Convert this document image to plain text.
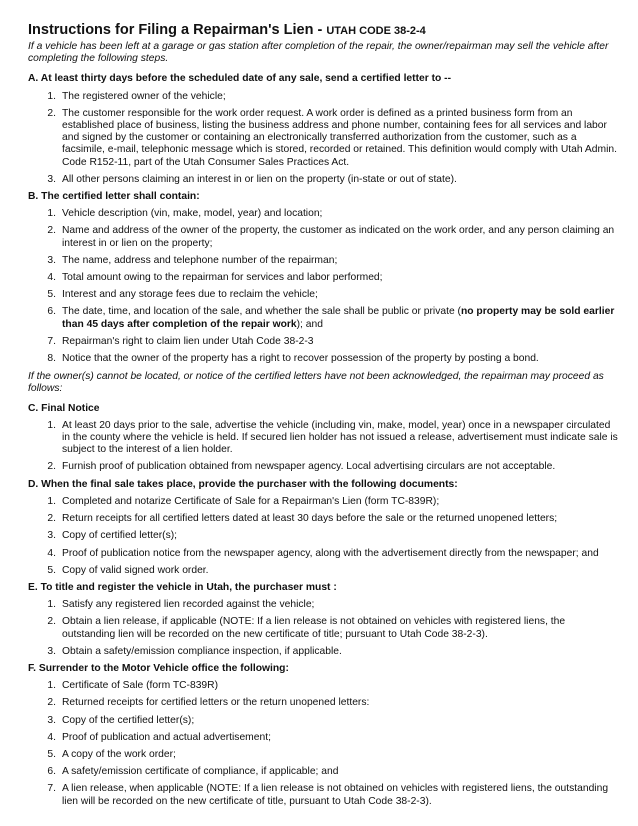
Instructions for Filing a Repairman's Lien - UTAH CODE 38-2-4
If a vehicle has been left at a garage or gas station after completion of the repair, the owner/repairman may sell the vehicle after completing the following steps.
A. At least thirty days before the scheduled date of any sale, send a certified letter to --
1. The registered owner of the vehicle;
2. The customer responsible for the work order request. A work order is defined as a printed business form from an established place of business, listing the business address and phone number, containing fees for all services and labor and signed by the customer or containing an electronically transferred authorization from the customer, such as a facsimile, e-mail, telephonic message which is stored, recorded or retained. This definition would comply with Utah Admin. Code R152-11, part of the Utah Consumer Sales Practices Act.
3. All other persons claiming an interest in or lien on the property (in-state or out of state).
B. The certified letter shall contain:
1. Vehicle description (vin, make, model, year) and location;
2. Name and address of the owner of the property, the customer as indicated on the work order, and any person claiming an interest in or lien on the property;
3. The name, address and telephone number of the repairman;
4. Total amount owing to the repairman for services and labor performed;
5. Interest and any storage fees due to reclaim the vehicle;
6. The date, time, and location of the sale, and whether the sale shall be public or private (no property may be sold earlier than 45 days after completion of the repair work); and
7. Repairman's right to claim lien under Utah Code 38-2-3
8. Notice that the owner of the property has a right to recover possession of the property by posting a bond.
If the owner(s) cannot be located, or notice of the certified letters have not been acknowledged, the repairman may proceed as follows:
C. Final Notice
1. At least 20 days prior to the sale, advertise the vehicle (including vin, make, model, year) once in a newspaper circulated in the county where the vehicle is held. If secured lien holder has not issued a release, advertisement must indicate sale is subject to the interest of a lien holder.
2. Furnish proof of publication obtained from newspaper agency. Local advertising circulars are not acceptable.
D. When the final sale takes place, provide the purchaser with the following documents:
1. Completed and notarize Certificate of Sale for a Repairman's Lien (form TC-839R);
2. Return receipts for all certified letters dated at least 30 days before the sale or the returned unopened letters;
3. Copy of certified letter(s);
4. Proof of publication notice from the newspaper agency, along with the advertisement directly from the newspaper; and
5. Copy of valid signed work order.
E. To title and register the vehicle in Utah, the purchaser must :
1. Satisfy any registered lien recorded against the vehicle;
2. Obtain a lien release, if applicable (NOTE: If a lien release is not obtained on vehicles with registered liens, the outstanding lien will be recorded on the new certificate of title; pursuant to Utah Code 38-2-3).
3. Obtain a safety/emission compliance inspection, if applicable.
F. Surrender to the Motor Vehicle office the following:
1. Certificate of Sale (form TC-839R)
2. Returned receipts for certified letters or the return unopened letters:
3. Copy of the certified letter(s);
4. Proof of publication and actual advertisement;
5. A copy of the work order;
6. A safety/emission certificate of compliance, if applicable; and
7. A lien release, when applicable (NOTE: If a lien release is not obtained on vehicles with registered liens, the outstanding lien will be recorded on the new certificate of title, pursuant to Utah Code 38-2-3).
